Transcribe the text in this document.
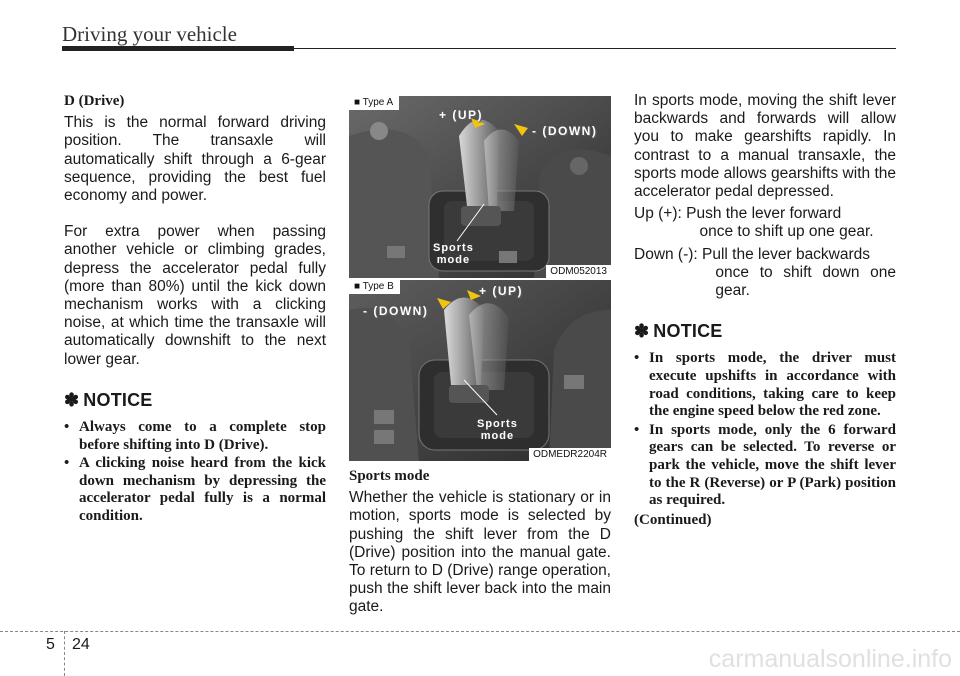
Driving your vehicle

D (Drive)

This is the normal forward driving position. The transaxle will automatically shift through a 6-gear sequence, providing the best fuel economy and power.

For extra power when passing another vehicle or climbing grades, depress the accelerator pedal fully (more than 80%) until the kick down mechanism works with a clicking noise, at which time the transaxle will automatically downshift to the next lower gear.

✽ NOTICE

• Always come to a complete stop before shifting into D (Drive).
• A clicking noise heard from the kick down mechanism by depressing the accelerator pedal fully is a normal condition.
■ Type A
+ (UP)
- (DOWN)
Sports
mode
ODM052013
■ Type B
- (DOWN)
+ (UP)
Sports
mode
ODMEDR2204R

Sports mode

Whether the vehicle is stationary or in motion, sports mode is selected by pushing the shift lever from the D (Drive) position into the manual gate. To return to D (Drive) range operation, push the shift lever back into the main gate.

In sports mode, moving the shift lever backwards and forwards will allow you to make gearshifts rapidly. In contrast to a manual transaxle, the sports mode allows gearshifts with the accelerator pedal depressed.

Up (+) : Push the lever forward
once to shift up one gear.
Down (-) : Pull the lever backwards
once to shift down one gear.

✽ NOTICE

• In sports mode, the driver must execute upshifts in accordance with road conditions, taking care to keep the engine speed below the red zone.
• In sports mode, only the 6 forward gears can be selected. To reverse or park the vehicle, move the shift lever to the R (Reverse) or P (Park) position as required.

(Continued)

5 24
carmanualsonline.info
